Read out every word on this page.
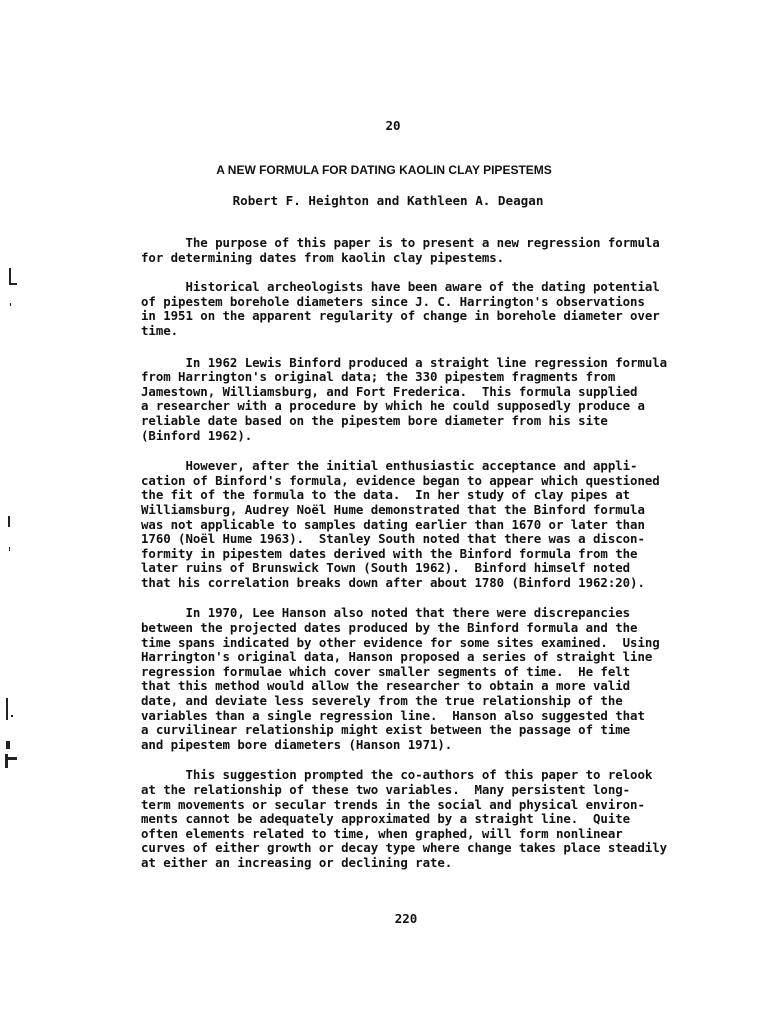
20
A NEW FORMULA FOR DATING KAOLIN CLAY PIPESTEMS
Robert F. Heighton and Kathleen A. Deagan
The purpose of this paper is to present a new regression formula
for determining dates from kaolin clay pipestems.
Historical archeologists have been aware of the dating potential
of pipestem borehole diameters since J. C. Harrington's observations
in 1951 on the apparent regularity of change in borehole diameter over
time.
In 1962 Lewis Binford produced a straight line regression formula
from Harrington's original data; the 330 pipestem fragments from
Jamestown, Williamsburg, and Fort Frederica.  This formula supplied
a researcher with a procedure by which he could supposedly produce a
reliable date based on the pipestem bore diameter from his site
(Binford 1962).
However, after the initial enthusiastic acceptance and appli-
cation of Binford's formula, evidence began to appear which questioned
the fit of the formula to the data.  In her study of clay pipes at
Williamsburg, Audrey Noël Hume demonstrated that the Binford formula
was not applicable to samples dating earlier than 1670 or later than
1760 (Noël Hume 1963).  Stanley South noted that there was a discon-
formity in pipestem dates derived with the Binford formula from the
later ruins of Brunswick Town (South 1962).  Binford himself noted
that his correlation breaks down after about 1780 (Binford 1962:20).
In 1970, Lee Hanson also noted that there were discrepancies
between the projected dates produced by the Binford formula and the
time spans indicated by other evidence for some sites examined.  Using
Harrington's original data, Hanson proposed a series of straight line
regression formulae which cover smaller segments of time.  He felt
that this method would allow the researcher to obtain a more valid
date, and deviate less severely from the true relationship of the
variables than a single regression line.  Hanson also suggested that
a curvilinear relationship might exist between the passage of time
and pipestem bore diameters (Hanson 1971).
This suggestion prompted the co-authors of this paper to relook
at the relationship of these two variables.  Many persistent long-
term movements or secular trends in the social and physical environ-
ments cannot be adequately approximated by a straight line.  Quite
often elements related to time, when graphed, will form nonlinear
curves of either growth or decay type where change takes place steadily
at either an increasing or declining rate.
220
